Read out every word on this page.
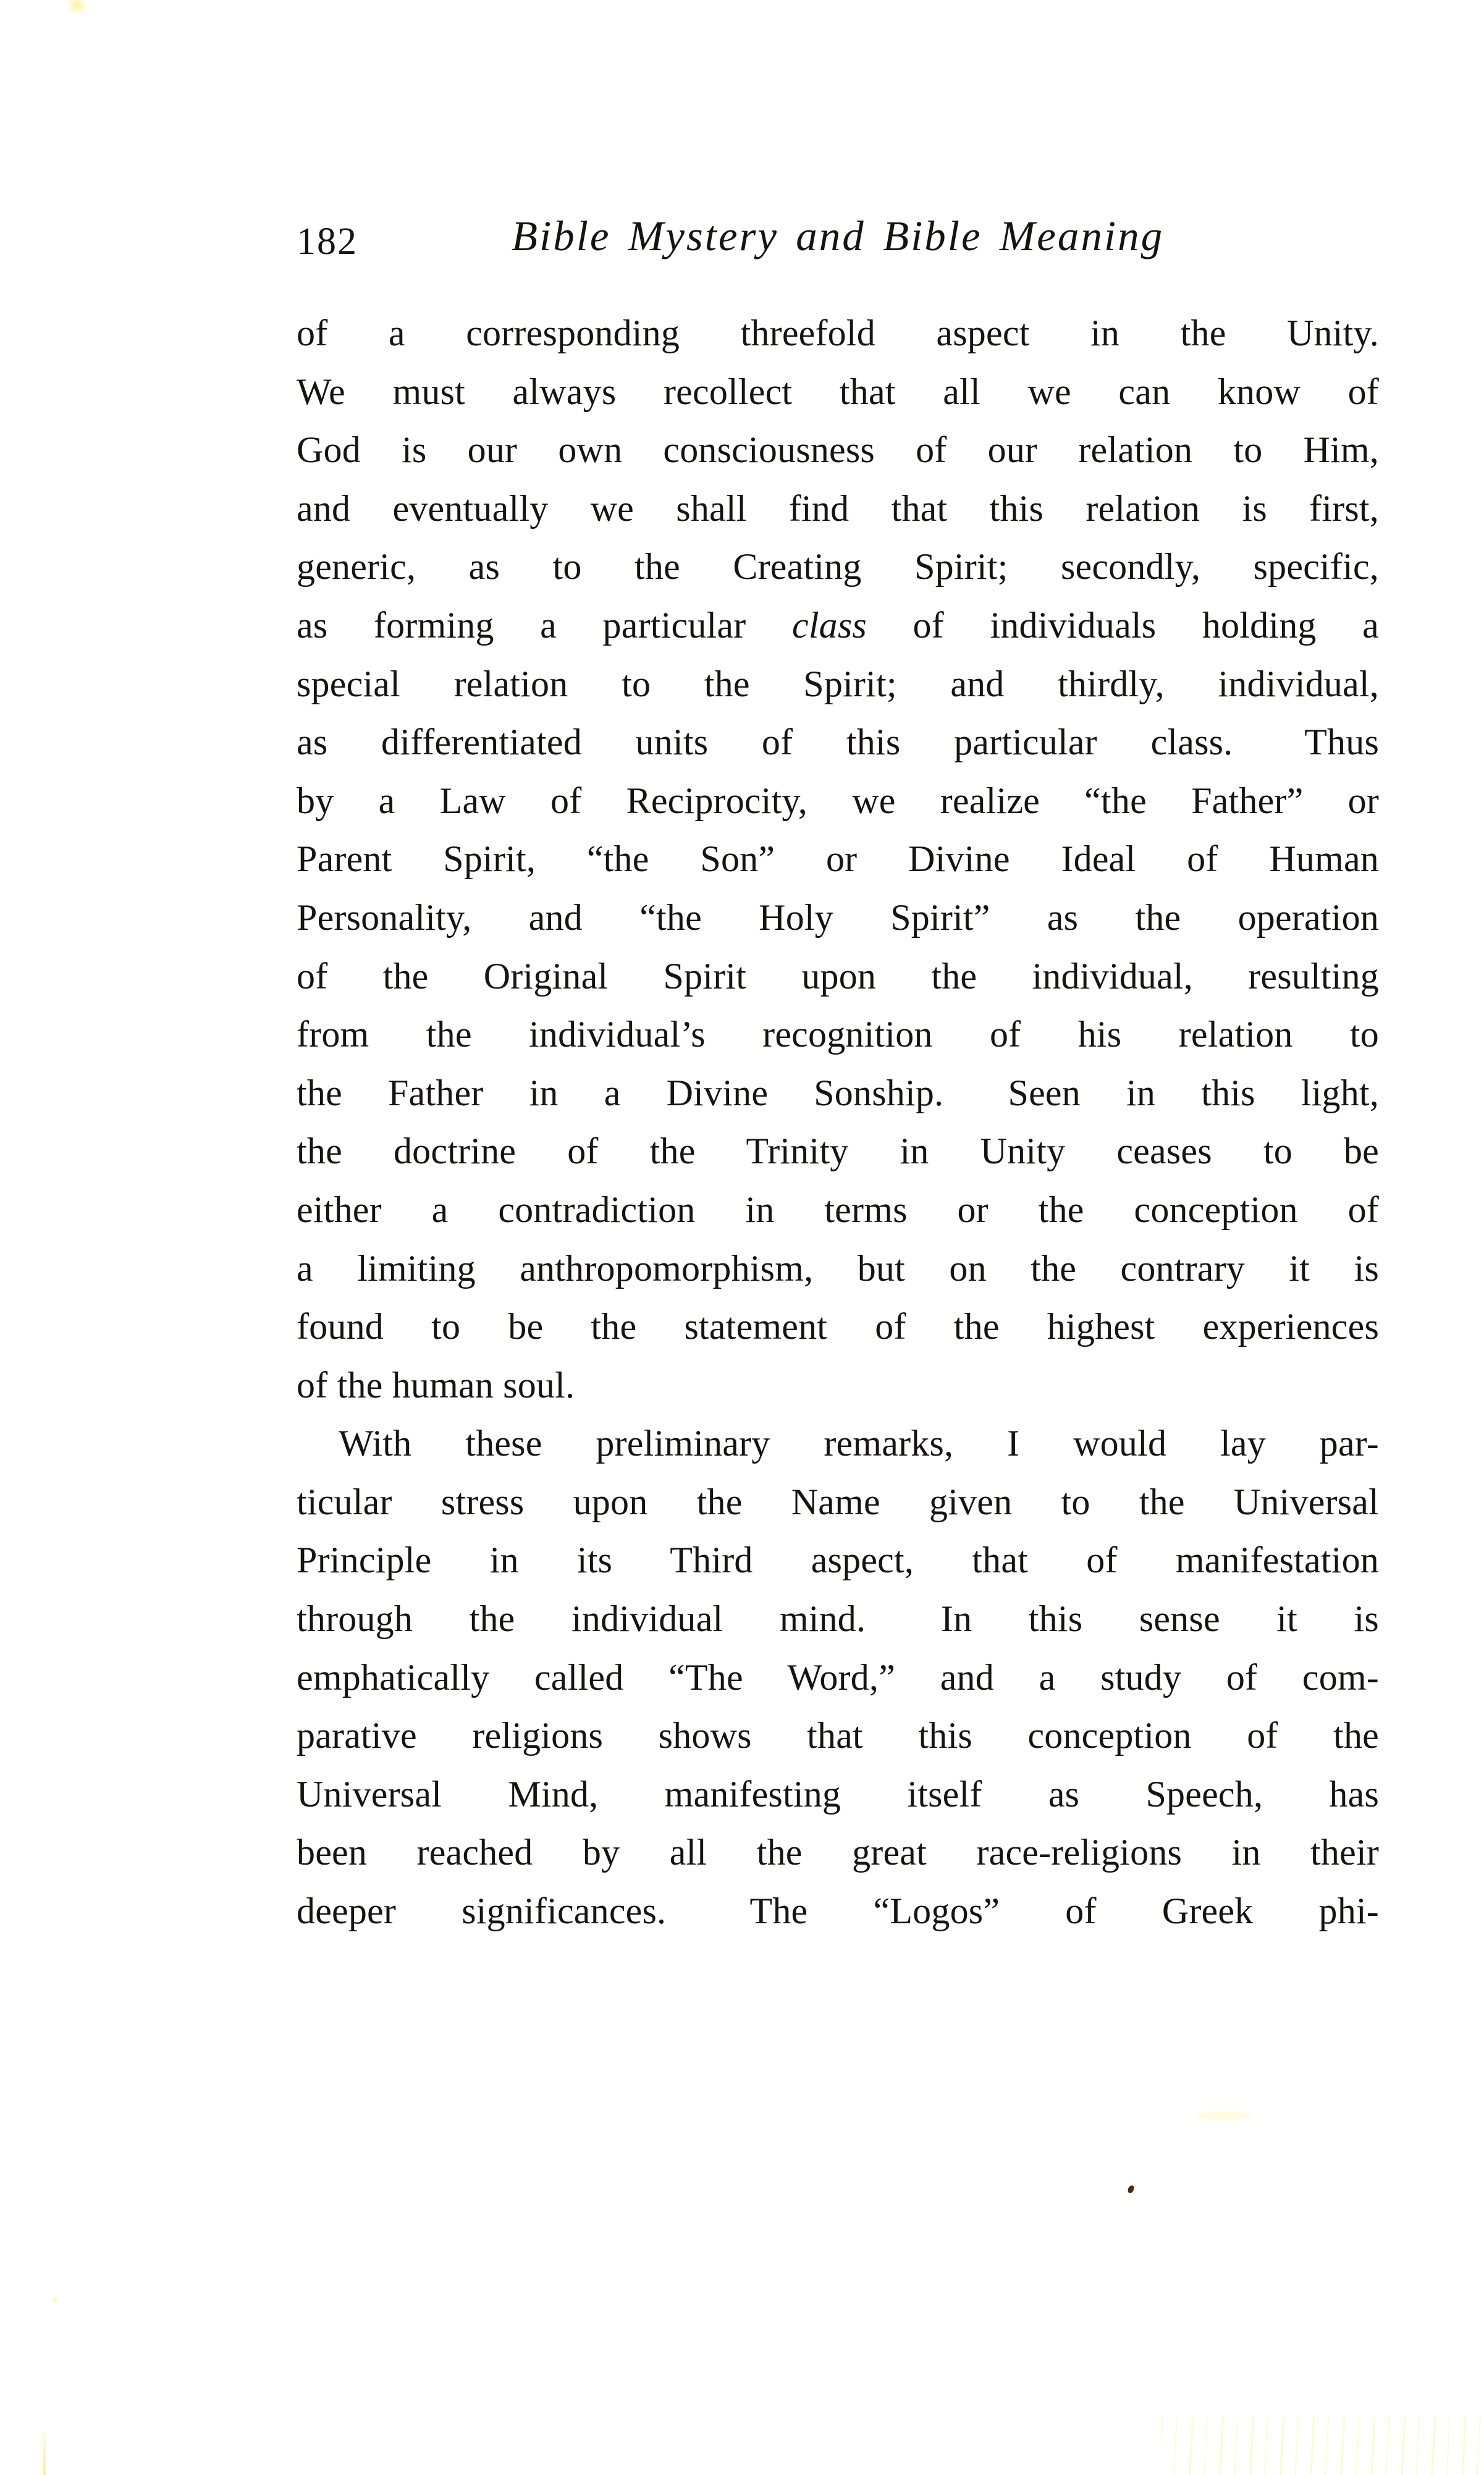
182	Bible Mystery and Bible Meaning
of a corresponding threefold aspect in the Unity.
We must always recollect that all we can know of
God is our own consciousness of our relation to Him,
and eventually we shall find that this relation is first,
generic, as to the Creating Spirit; secondly, specific,
as forming a particular class of individuals holding a
special relation to the Spirit; and thirdly, individual,
as differentiated units of this particular class.  Thus
by a Law of Reciprocity, we realize “the Father” or
Parent Spirit, “the Son” or Divine Ideal of Human
Personality, and “the Holy Spirit” as the operation
of the Original Spirit upon the individual, resulting
from the individual’s recognition of his relation to
the Father in a Divine Sonship.  Seen in this light,
the doctrine of the Trinity in Unity ceases to be
either a contradiction in terms or the conception of
a limiting anthropomorphism, but on the contrary it is
found to be the statement of the highest experiences
of the human soul.
With these preliminary remarks, I would lay par-
ticular stress upon the Name given to the Universal
Principle in its Third aspect, that of manifestation
through the individual mind.  In this sense it is
emphatically called “The Word,” and a study of com-
parative religions shows that this conception of the
Universal Mind, manifesting itself as Speech, has
been reached by all the great race-religions in their
deeper significances.  The “Logos” of Greek phi-
